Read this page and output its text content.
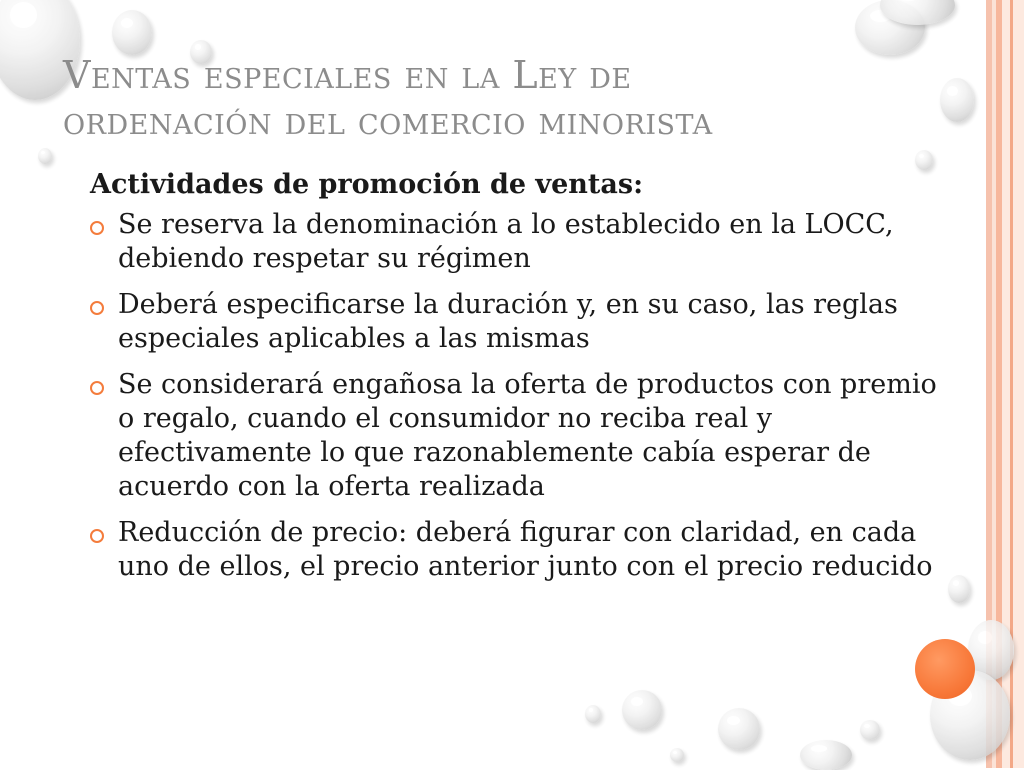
Ventas especiales en la Ley de
ordenación del comercio minorista

Actividades de promoción de ventas:

Se reserva la denominación a lo establecido en la LOCC, debiendo respetar su régimen
Deberá especificarse la duración y, en su caso, las reglas especiales aplicables a las mismas
Se considerará engañosa la oferta de productos con premio o regalo, cuando el consumidor no reciba real y efectivamente lo que razonablemente cabía esperar de acuerdo con la oferta realizada
Reducción de precio: deberá figurar con claridad, en cada uno de ellos, el precio anterior junto con el precio reducido
